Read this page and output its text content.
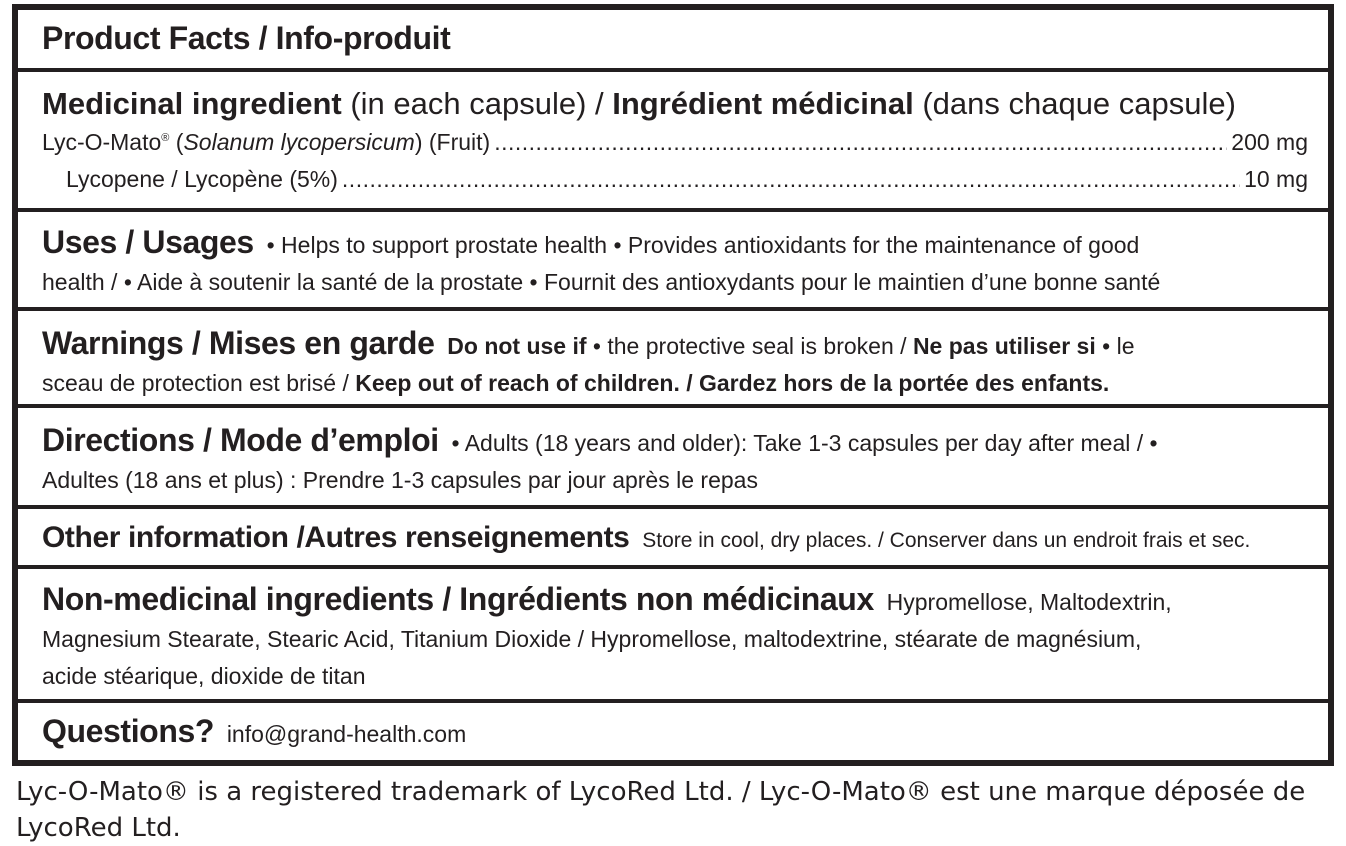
Product Facts / Info-produit
Medicinal ingredient (in each capsule) / Ingrédient médicinal (dans chaque capsule)
Lyc-O-Mato® (Solanum lycopersicum) (Fruit) .....	200 mg
Lycopene / Lycopène (5%) .....	10 mg
Uses / Usages • Helps to support prostate health • Provides antioxidants for the maintenance of good
health / • Aide à soutenir la santé de la prostate • Fournit des antioxydants pour le maintien d’une bonne santé
Warnings / Mises en garde Do not use if • the protective seal is broken / Ne pas utiliser si • le
sceau de protection est brisé / Keep out of reach of children. / Gardez hors de la portée des enfants.
Directions / Mode d’emploi • Adults (18 years and older): Take 1-3 capsules per day after meal / •
Adultes (18 ans et plus) : Prendre 1-3 capsules par jour après le repas
Other information /Autres renseignements Store in cool, dry places. / Conserver dans un endroit frais et sec.
Non-medicinal ingredients / Ingrédients non médicinaux Hypromellose, Maltodextrin,
Magnesium Stearate, Stearic Acid, Titanium Dioxide / Hypromellose, maltodextrine, stéarate de magnésium,
acide stéarique, dioxide de titan
Questions? info@grand-health.com
Lyc-O-Mato® is a registered trademark of LycoRed Ltd. / Lyc-O-Mato® est une marque déposée de
LycoRed Ltd.
